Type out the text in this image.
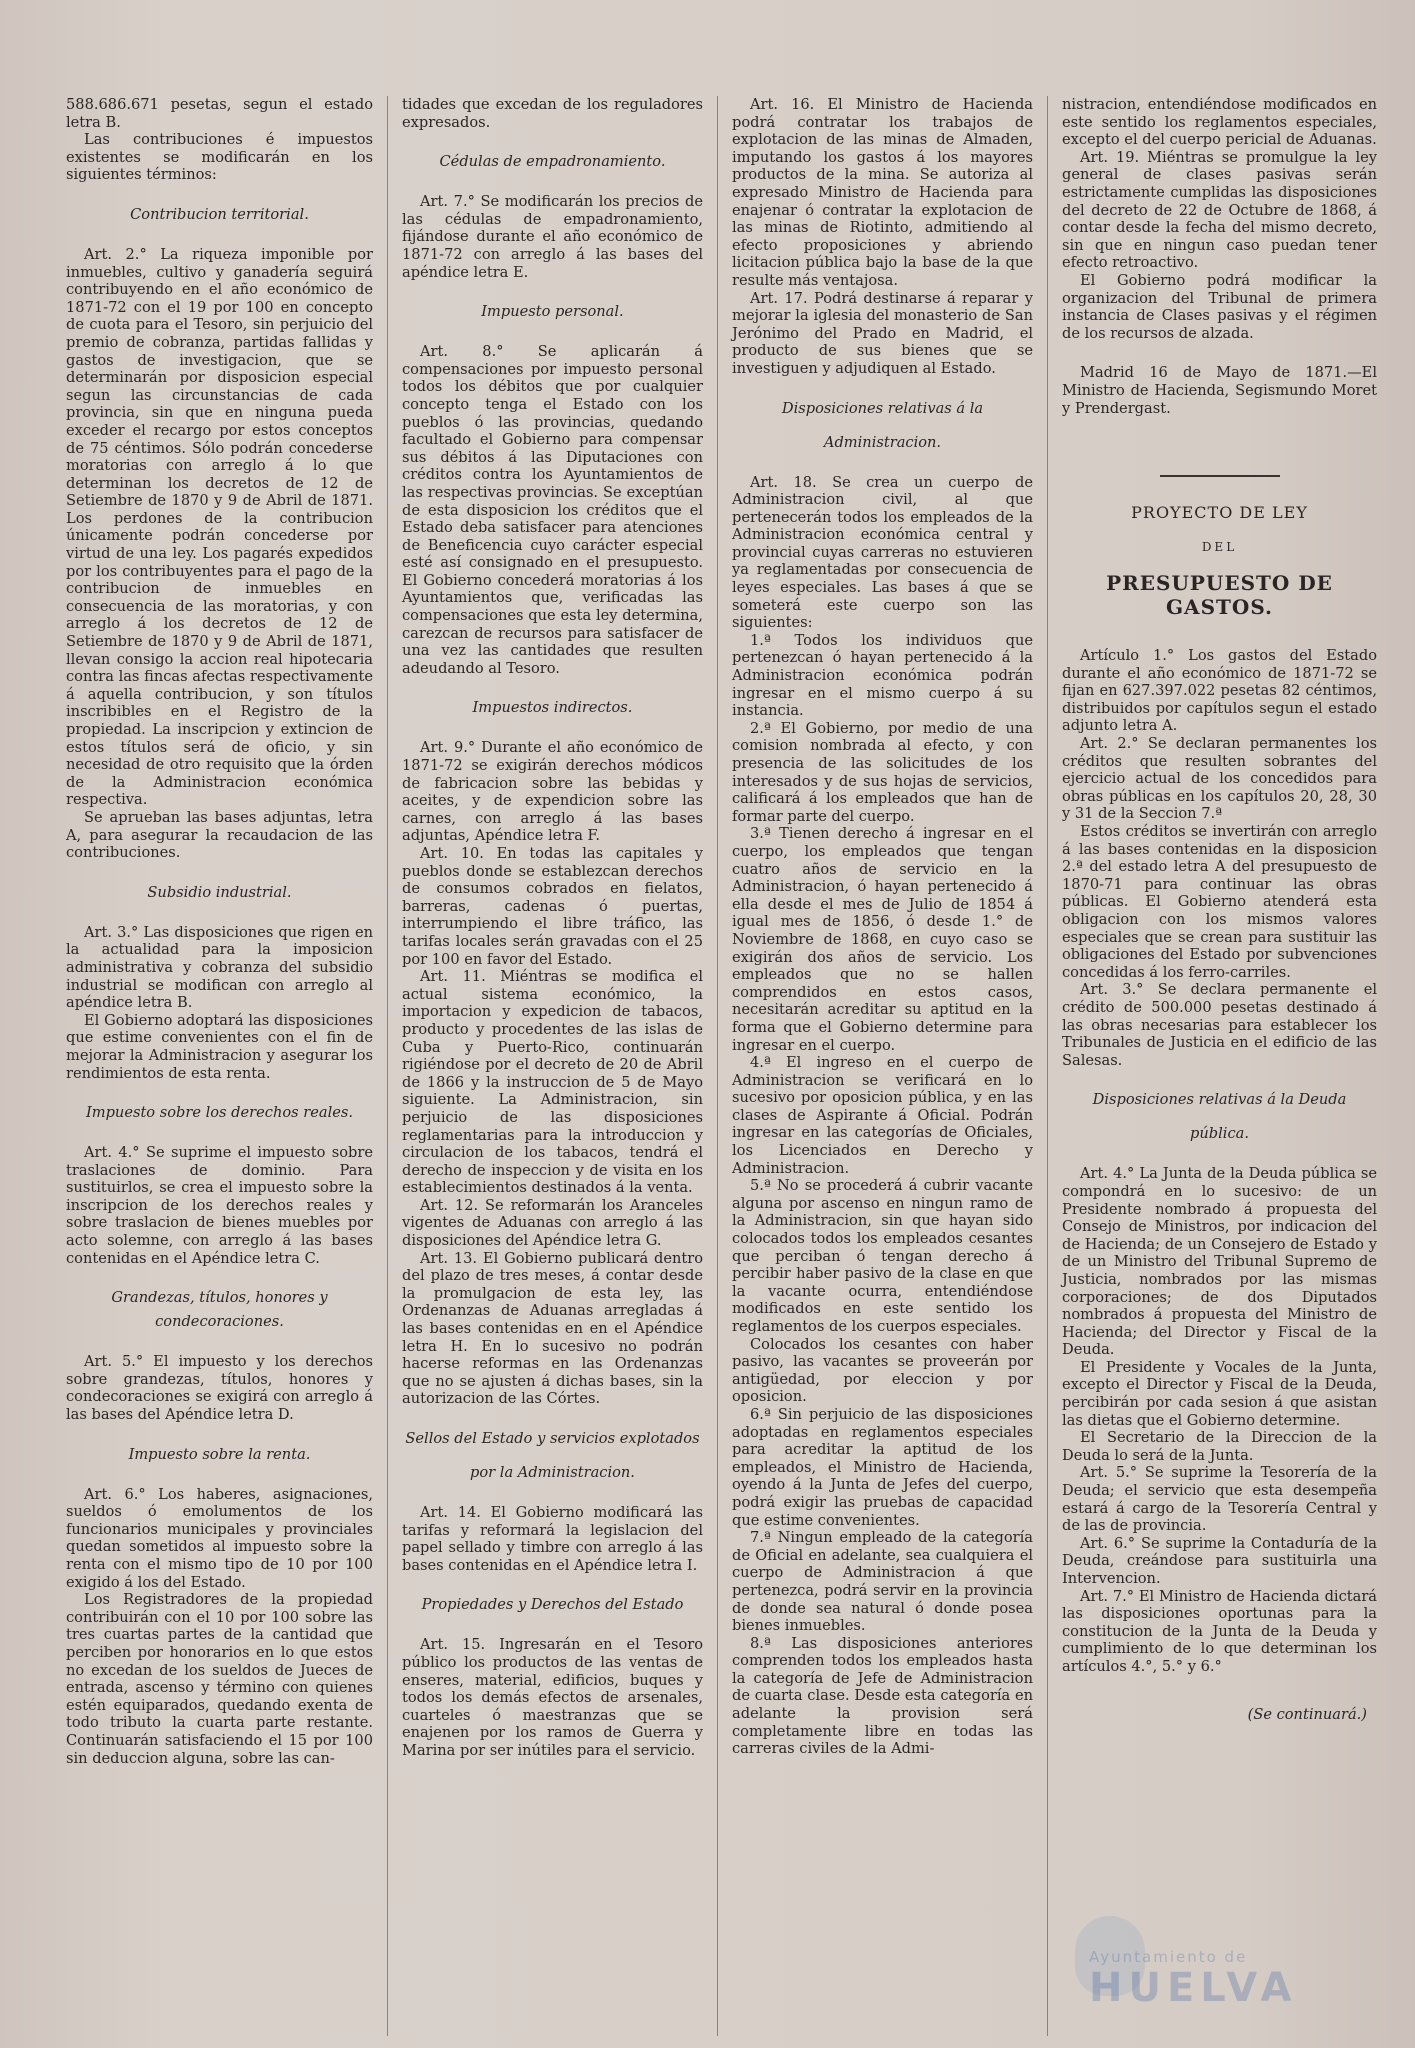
588.686.671 pesetas, segun el estado letra B.

Las contribuciones é impuestos existentes se modificarán en los siguientes términos:

Contribucion territorial.

Art. 2.° La riqueza imponible por inmuebles, cultivo y ganadería seguirá contribuyendo en el año económico de 1871-72 con el 19 por 100 en concepto de cuota para el Tesoro, sin perjuicio del premio de cobranza, partidas fallidas y gastos de investigacion, que se determinarán por disposicion especial segun las circunstancias de cada provincia, sin que en ninguna pueda exceder el recargo por estos conceptos de 75 céntimos. Sólo podrán concederse moratorias con arreglo á lo que determinan los decretos de 12 de Setiembre de 1870 y 9 de Abril de 1871. Los perdones de la contribucion únicamente podrán concederse por virtud de una ley. Los pagarés expedidos por los contribuyentes para el pago de la contribucion de inmuebles en consecuencia de las moratorias, y con arreglo á los decretos de 12 de Setiembre de 1870 y 9 de Abril de 1871, llevan consigo la accion real hipotecaria contra las fincas afectas respectivamente á aquella contribucion, y son títulos inscribibles en el Registro de la propiedad. La inscripcion y extincion de estos títulos será de oficio, y sin necesidad de otro requisito que la órden de la Administracion económica respectiva.

Se aprueban las bases adjuntas, letra A, para asegurar la recaudacion de las contribuciones.

Subsidio industrial.

Art. 3.° Las disposiciones que rigen en la actualidad para la imposicion administrativa y cobranza del subsidio industrial se modifican con arreglo al apéndice letra B.

El Gobierno adoptará las disposiciones que estime convenientes con el fin de mejorar la Administracion y asegurar los rendimientos de esta renta.

Impuesto sobre los derechos reales.

Art. 4.° Se suprime el impuesto sobre traslaciones de dominio. Para sustituirlos, se crea el impuesto sobre la inscripcion de los derechos reales y sobre traslacion de bienes muebles por acto solemne, con arreglo á las bases contenidas en el Apéndice letra C.

Grandezas, títulos, honores y condecoraciones.

Art. 5.° El impuesto y los derechos sobre grandezas, títulos, honores y condecoraciones se exigirá con arreglo á las bases del Apéndice letra D.

Impuesto sobre la renta.

Art. 6.° Los haberes, asignaciones, sueldos ó emolumentos de los funcionarios municipales y provinciales quedan sometidos al impuesto sobre la renta con el mismo tipo de 10 por 100 exigido á los del Estado.

Los Registradores de la propiedad contribuirán con el 10 por 100 sobre las tres cuartas partes de la cantidad que perciben por honorarios en lo que estos no excedan de los sueldos de Jueces de entrada, ascenso y término con quienes estén equiparados, quedando exenta de todo tributo la cuarta parte restante. Continuarán satisfaciendo el 15 por 100 sin deduccion alguna, sobre las can-

tidades que excedan de los reguladores expresados.

Cédulas de empadronamiento.

Art. 7.° Se modificarán los precios de las cédulas de empadronamiento, fijándose durante el año económico de 1871-72 con arreglo á las bases del apéndice letra E.

Impuesto personal.

Art. 8.° Se aplicarán á compensaciones por impuesto personal todos los débitos que por cualquier concepto tenga el Estado con los pueblos ó las provincias, quedando facultado el Gobierno para compensar sus débitos á las Diputaciones con créditos contra los Ayuntamientos de las respectivas provincias. Se exceptúan de esta disposicion los créditos que el Estado deba satisfacer para atenciones de Beneficencia cuyo carácter especial esté así consignado en el presupuesto. El Gobierno concederá moratorias á los Ayuntamientos que, verificadas las compensaciones que esta ley determina, carezcan de recursos para satisfacer de una vez las cantidades que resulten adeudando al Tesoro.

Impuestos indirectos.

Art. 9.° Durante el año económico de 1871-72 se exigirán derechos módicos de fabricacion sobre las bebidas y aceites, y de expendicion sobre las carnes, con arreglo á las bases adjuntas, Apéndice letra F.

Art. 10. En todas las capitales y pueblos donde se establezcan derechos de consumos cobrados en fielatos, barreras, cadenas ó puertas, interrumpiendo el libre tráfico, las tarifas locales serán gravadas con el 25 por 100 en favor del Estado.

Art. 11. Miéntras se modifica el actual sistema económico, la importacion y expedicion de tabacos, producto y procedentes de las islas de Cuba y Puerto-Rico, continuarán rigiéndose por el decreto de 20 de Abril de 1866 y la instruccion de 5 de Mayo siguiente. La Administracion, sin perjuicio de las disposiciones reglamentarias para la introduccion y circulacion de los tabacos, tendrá el derecho de inspeccion y de visita en los establecimientos destinados á la venta.

Art. 12. Se reformarán los Aranceles vigentes de Aduanas con arreglo á las disposiciones del Apéndice letra G.

Art. 13. El Gobierno publicará dentro del plazo de tres meses, á contar desde la promulgacion de esta ley, las Ordenanzas de Aduanas arregladas á las bases contenidas en en el Apéndice letra H. En lo sucesivo no podrán hacerse reformas en las Ordenanzas que no se ajusten á dichas bases, sin la autorizacion de las Córtes.

Sellos del Estado y servicios explotados por la Administracion.

Art. 14. El Gobierno modificará las tarifas y reformará la legislacion del papel sellado y timbre con arreglo á las bases contenidas en el Apéndice letra I.

Propiedades y Derechos del Estado

Art. 15. Ingresarán en el Tesoro público los productos de las ventas de enseres, material, edificios, buques y todos los demás efectos de arsenales, cuarteles ó maestranzas que se enajenen por los ramos de Guerra y Marina por ser inútiles para el servicio.

Art. 16. El Ministro de Hacienda podrá contratar los trabajos de explotacion de las minas de Almaden, imputando los gastos á los mayores productos de la mina. Se autoriza al expresado Ministro de Hacienda para enajenar ó contratar la explotacion de las minas de Riotinto, admitiendo al efecto proposiciones y abriendo licitacion pública bajo la base de la que resulte más ventajosa.

Art. 17. Podrá destinarse á reparar y mejorar la iglesia del monasterio de San Jerónimo del Prado en Madrid, el producto de sus bienes que se investiguen y adjudiquen al Estado.

Disposiciones relativas á la Administracion.

Art. 18. Se crea un cuerpo de Administracion civil, al que pertenecerán todos los empleados de la Administracion económica central y provincial cuyas carreras no estuvieren ya reglamentadas por consecuencia de leyes especiales. Las bases á que se someterá este cuerpo son las siguientes:

1.ª Todos los individuos que pertenezcan ó hayan pertenecido á la Administracion económica podrán ingresar en el mismo cuerpo á su instancia.

2.ª El Gobierno, por medio de una comision nombrada al efecto, y con presencia de las solicitudes de los interesados y de sus hojas de servicios, calificará á los empleados que han de formar parte del cuerpo.

3.ª Tienen derecho á ingresar en el cuerpo, los empleados que tengan cuatro años de servicio en la Administracion, ó hayan pertenecido á ella desde el mes de Julio de 1854 á igual mes de 1856, ó desde 1.° de Noviembre de 1868, en cuyo caso se exigirán dos años de servicio. Los empleados que no se hallen comprendidos en estos casos, necesitarán acreditar su aptitud en la forma que el Gobierno determine para ingresar en el cuerpo.

4.ª El ingreso en el cuerpo de Administracion se verificará en lo sucesivo por oposicion pública, y en las clases de Aspirante á Oficial. Podrán ingresar en las categorías de Oficiales, los Licenciados en Derecho y Administracion.

5.ª No se procederá á cubrir vacante alguna por ascenso en ningun ramo de la Administracion, sin que hayan sido colocados todos los empleados cesantes que perciban ó tengan derecho á percibir haber pasivo de la clase en que la vacante ocurra, entendiéndose modificados en este sentido los reglamentos de los cuerpos especiales.

Colocados los cesantes con haber pasivo, las vacantes se proveerán por antigüedad, por eleccion y por oposicion.

6.ª Sin perjuicio de las disposiciones adoptadas en reglamentos especiales para acreditar la aptitud de los empleados, el Ministro de Hacienda, oyendo á la Junta de Jefes del cuerpo, podrá exigir las pruebas de capacidad que estime convenientes.

7.ª Ningun empleado de la categoría de Oficial en adelante, sea cualquiera el cuerpo de Administracion á que pertenezca, podrá servir en la provincia de donde sea natural ó donde posea bienes inmuebles.

8.ª Las disposiciones anteriores comprenden todos los empleados hasta la categoría de Jefe de Administracion de cuarta clase. Desde esta categoría en adelante la provision será completamente libre en todas las carreras civiles de la Admi-

nistracion, entendiéndose modificados en este sentido los reglamentos especiales, excepto el del cuerpo pericial de Aduanas.

Art. 19. Miéntras se promulgue la ley general de clases pasivas serán estrictamente cumplidas las disposiciones del decreto de 22 de Octubre de 1868, á contar desde la fecha del mismo decreto, sin que en ningun caso puedan tener efecto retroactivo.

El Gobierno podrá modificar la organizacion del Tribunal de primera instancia de Clases pasivas y el régimen de los recursos de alzada.

Madrid 16 de Mayo de 1871.—El Ministro de Hacienda, Segismundo Moret y Prendergast.

PROYECTO DE LEY
DEL
PRESUPUESTO DE GASTOS.

Artículo 1.° Los gastos del Estado durante el año económico de 1871-72 se fijan en 627.397.022 pesetas 82 céntimos, distribuidos por capítulos segun el estado adjunto letra A.

Art. 2.° Se declaran permanentes los créditos que resulten sobrantes del ejercicio actual de los concedidos para obras públicas en los capítulos 20, 28, 30 y 31 de la Seccion 7.ª

Estos créditos se invertirán con arreglo á las bases contenidas en la disposicion 2.ª del estado letra A del presupuesto de 1870-71 para continuar las obras públicas. El Gobierno atenderá esta obligacion con los mismos valores especiales que se crean para sustituir las obligaciones del Estado por subvenciones concedidas á los ferro-carriles.

Art. 3.° Se declara permanente el crédito de 500.000 pesetas destinado á las obras necesarias para establecer los Tribunales de Justicia en el edificio de las Salesas.

Disposiciones relativas á la Deuda pública.

Art. 4.° La Junta de la Deuda pública se compondrá en lo sucesivo: de un Presidente nombrado á propuesta del Consejo de Ministros, por indicacion del de Hacienda; de un Consejero de Estado y de un Ministro del Tribunal Supremo de Justicia, nombrados por las mismas corporaciones; de dos Diputados nombrados á propuesta del Ministro de Hacienda; del Director y Fiscal de la Deuda.

El Presidente y Vocales de la Junta, excepto el Director y Fiscal de la Deuda, percibirán por cada sesion á que asistan las dietas que el Gobierno determine.

El Secretario de la Direccion de la Deuda lo será de la Junta.

Art. 5.° Se suprime la Tesorería de la Deuda; el servicio que esta desempeña estará á cargo de la Tesorería Central y de las de provincia.

Art. 6.° Se suprime la Contaduría de la Deuda, creándose para sustituirla una Intervencion.

Art. 7.° El Ministro de Hacienda dictará las disposiciones oportunas para la constitucion de la Junta de la Deuda y cumplimiento de lo que determinan los artículos 4.°, 5.° y 6.°

(Se continuará.)
Ayuntamiento de
HUELVA
